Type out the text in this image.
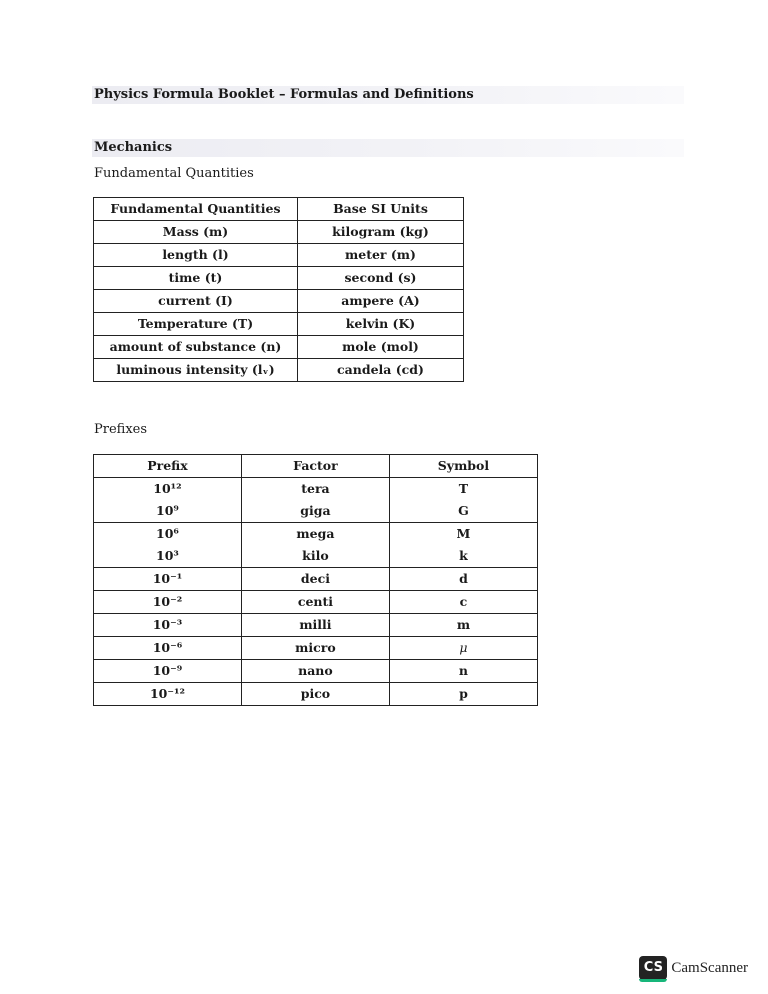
Physics Formula Booklet – Formulas and Definitions
Mechanics
Fundamental Quantities
Fundamental Quantities	Base SI Units
Mass (m)	kilogram (kg)
length (l)	meter (m)
time (t)	second (s)
current (I)	ampere (A)
Temperature (T)	kelvin (K)
amount of substance (n)	mole (mol)
luminous intensity (lᵥ)	candela (cd)
Prefixes
Prefix	Factor	Symbol
10¹²	tera	T
10⁹	giga	G
10⁶	mega	M
10³	kilo	k
10⁻¹	deci	d
10⁻²	centi	c
10⁻³	milli	m
10⁻⁶	micro	μ
10⁻⁹	nano	n
10⁻¹²	pico	p
CS CamScanner
